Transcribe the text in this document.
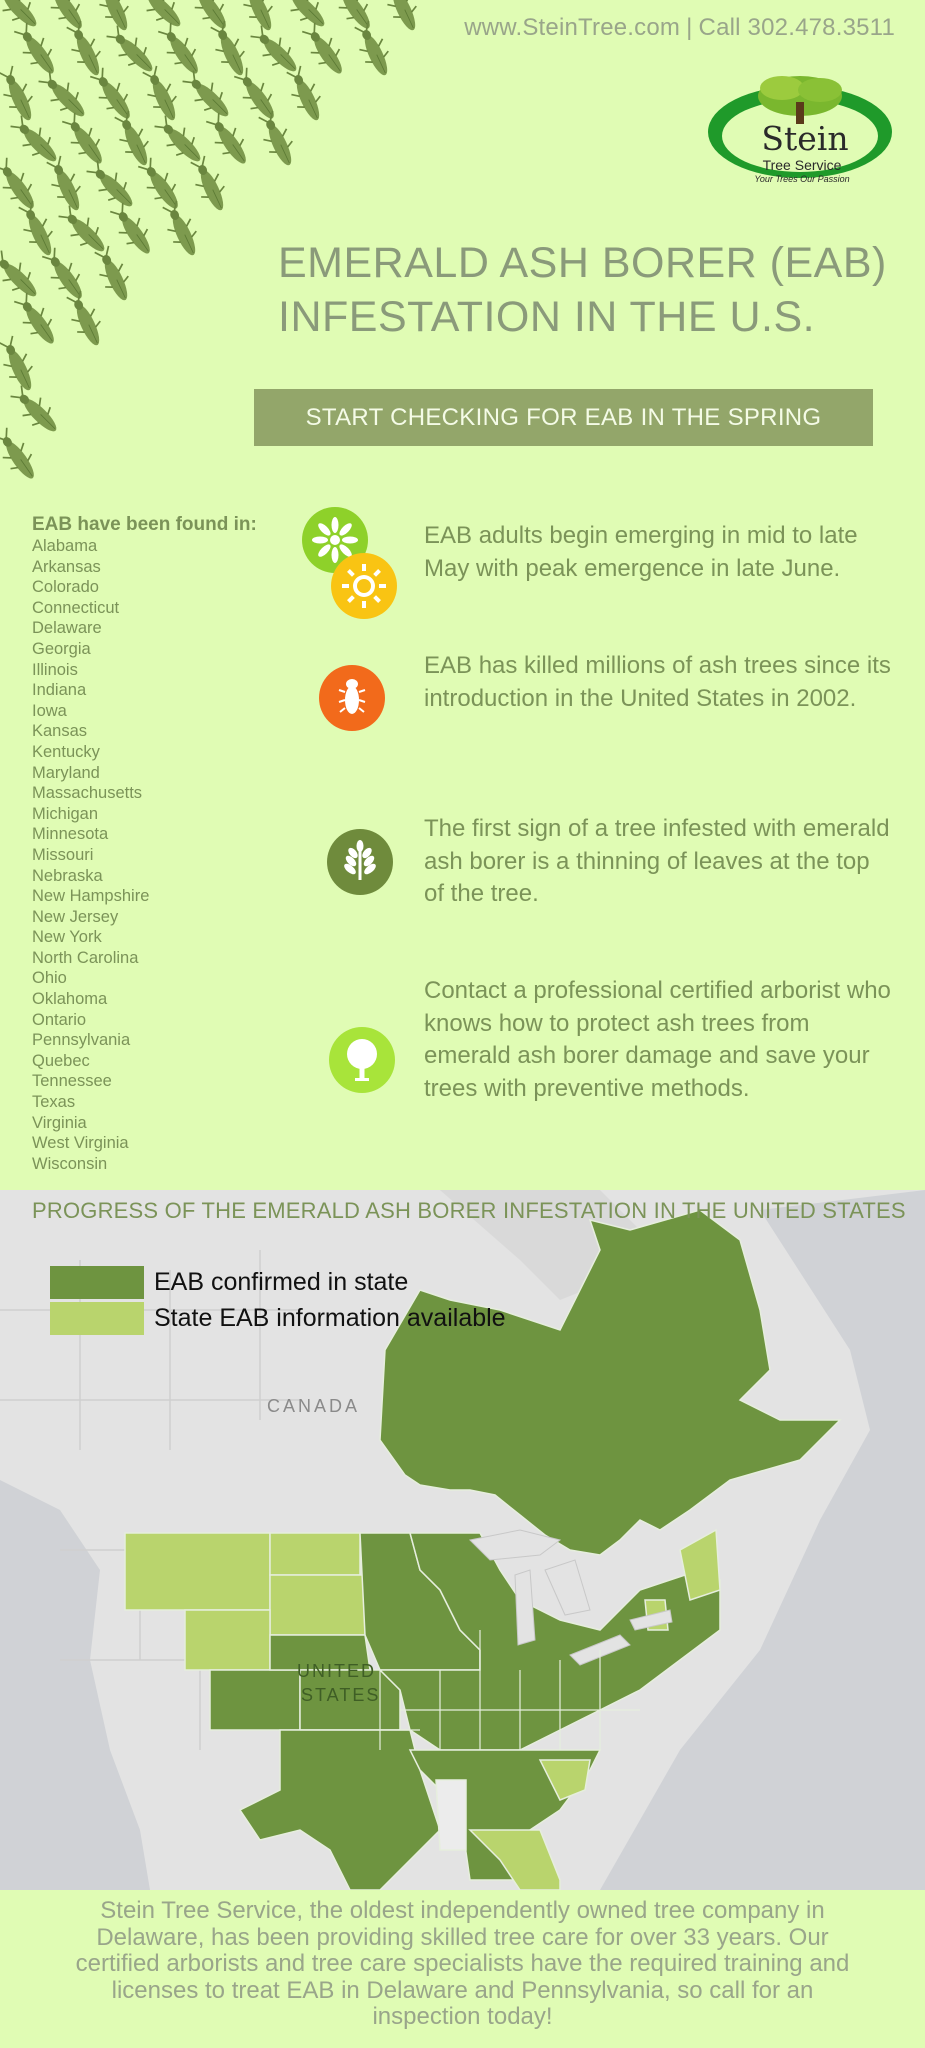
www.SteinTree.com | Call 302.478.3511
Stein
Tree Service
Your Trees Our Passion
EMERALD ASH BORER (EAB)
INFESTATION IN THE U.S.
START CHECKING FOR EAB IN THE SPRING
EAB have been found in:
Alabama
Arkansas
Colorado
Connecticut
Delaware
Georgia
Illinois
Indiana
Iowa
Kansas
Kentucky
Maryland
Massachusetts
Michigan
Minnesota
Missouri
Nebraska
New Hampshire
New Jersey
New York
North Carolina
Ohio
Oklahoma
Ontario
Pennsylvania
Quebec
Tennessee
Texas
Virginia
West Virginia
Wisconsin
EAB adults begin emerging in mid to late May with peak emergence in late June.
EAB has killed millions of ash trees since its introduction in the United States in 2002.
The first sign of a tree infested with emerald ash borer is a thinning of leaves at the top of the tree.
Contact a professional certified arborist who knows how to protect ash trees from emerald ash borer damage and save your trees with preventive methods.
CANADA
UNITED
STATES
PROGRESS OF THE EMERALD ASH BORER INFESTATION IN THE UNITED STATES
EAB confirmed in state
State EAB information available
Stein Tree Service, the oldest independently owned tree company in Delaware, has been providing skilled tree care for over 33 years. Our certified arborists and tree care specialists have the required training and licenses to treat EAB in Delaware and Pennsylvania, so call for an inspection today!
